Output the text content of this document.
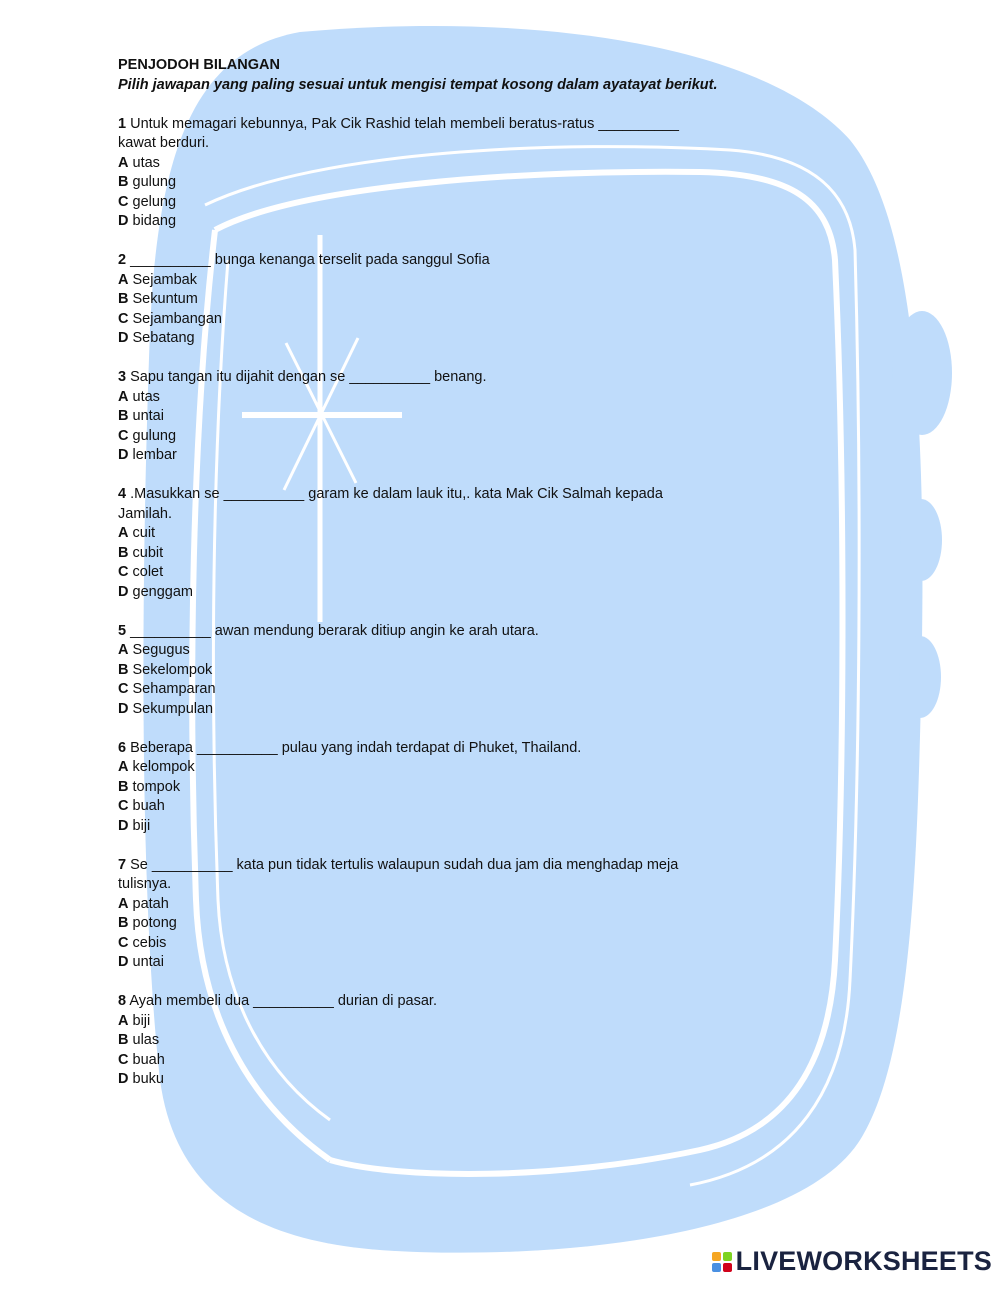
PENJODOH BILANGAN
Pilih jawapan yang paling sesuai untuk mengisi tempat kosong dalam ayatayat berikut.
1 Untuk memagari kebunnya, Pak Cik Rashid telah membeli beratus-ratus __________ kawat berduri.
A utas
B gulung
C gelung
D bidang
2 __________ bunga kenanga terselit pada sanggul Sofia
A Sejambak
B Sekuntum
C Sejambangan
D Sebatang
3 Sapu tangan itu dijahit dengan se __________ benang.
A utas
B untai
C gulung
D lembar
4 .Masukkan se __________ garam ke dalam lauk itu,. kata Mak Cik Salmah kepada Jamilah.
A cuit
B cubit
C colet
D genggam
5 __________ awan mendung berarak ditiup angin ke arah utara.
A Segugus
B Sekelompok
C Sehamparan
D Sekumpulan
6 Beberapa __________ pulau yang indah terdapat di Phuket, Thailand.
A kelompok
B tompok
C buah
D biji
7 Se __________ kata pun tidak tertulis walaupun sudah dua jam dia menghadap meja tulisnya.
A patah
B potong
C cebis
D untai
8 Ayah membeli dua __________ durian di pasar.
A biji
B ulas
C buah
D buku
LIVEWORKSHEETS
